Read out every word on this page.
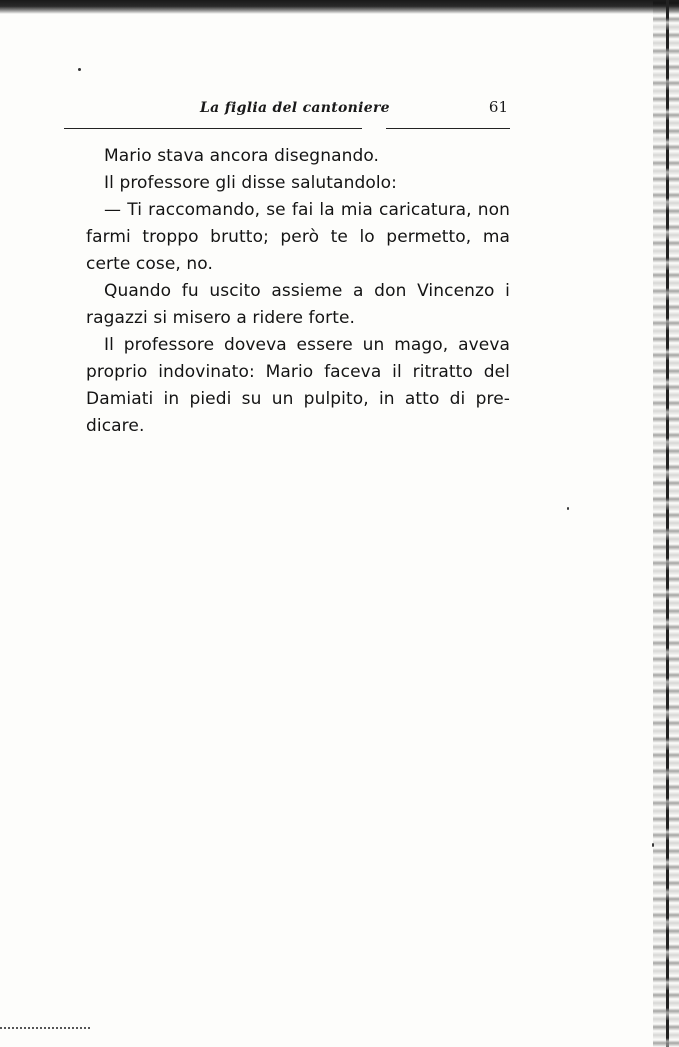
La figlia del cantoniere	61

Mario stava ancora disegnando.

Il professore gli disse salutandolo:

— Ti raccomando, se fai la mia caricatura, non
farmi troppo brutto; però te lo permetto, ma
certe cose, no.

Quando fu uscito assieme a don Vincenzo i
ragazzi si misero a ridere forte.

Il professore doveva essere un mago, aveva
proprio indovinato: Mario faceva il ritratto del
Damiati in piedi su un pulpito, in atto di pre-
dicare.
